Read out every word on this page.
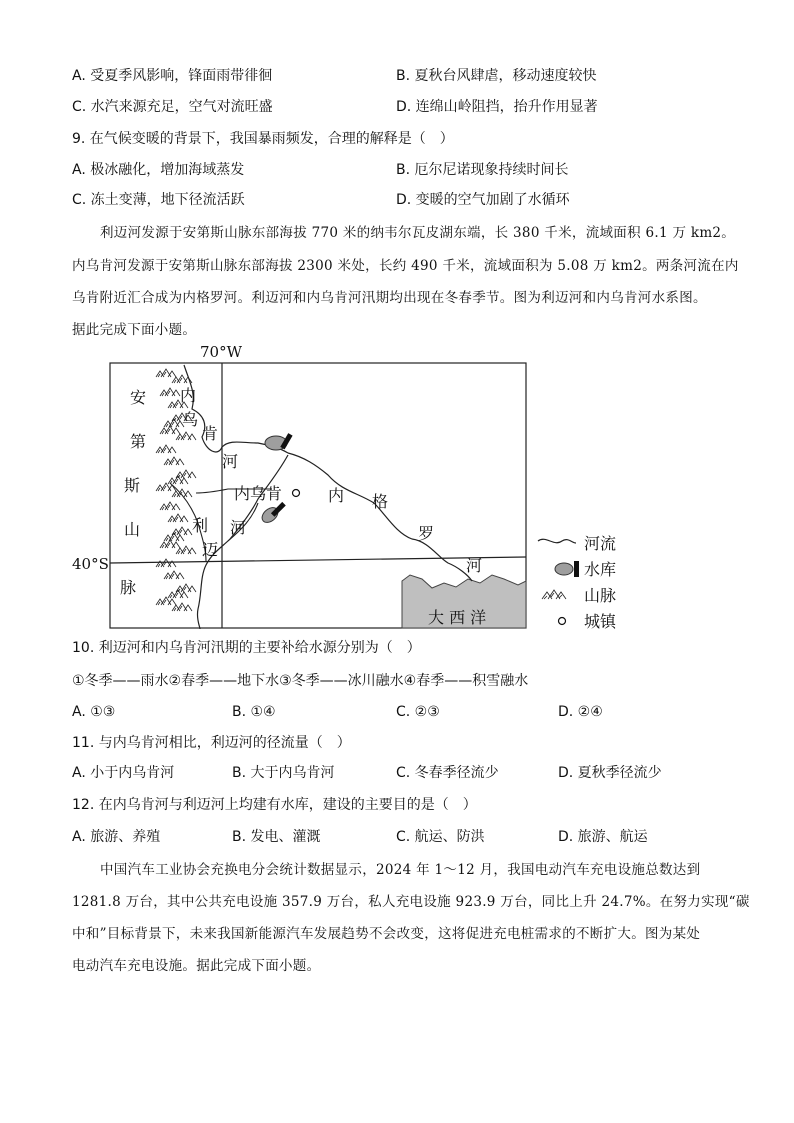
A. 受夏季风影响，锋面雨带徘徊	B. 夏秋台风肆虐，移动速度较快
C. 水汽来源充足，空气对流旺盛	D. 连绵山岭阻挡，抬升作用显著
9. 在气候变暖的背景下，我国暴雨频发，合理的解释是（　）
A. 极冰融化，增加海域蒸发	B. 厄尔尼诺现象持续时间长
C. 冻土变薄，地下径流活跃	D. 变暖的空气加剧了水循环
利迈河发源于安第斯山脉东部海拔 770 米的纳韦尔瓦皮湖东端，长 380 千米，流域面积 6.1 万 km2。
内乌肯河发源于安第斯山脉东部海拔 2300 米处，长约 490 千米，流域面积为 5.08 万 km2。两条河流在内
乌肯附近汇合成为内格罗河。利迈河和内乌肯河汛期均出现在冬春季节。图为利迈河和内乌肯河水系图。
据此完成下面小题。
70°W
40°S
安
第
斯
山
脉
内
乌
肯
河
内乌肯
利
迈
河
内 格
罗
河
大 西 洋
河流
水库
山脉
城镇
10. 利迈河和内乌肯河汛期的主要补给水源分别为（　）
①冬季——雨水②春季——地下水③冬季——冰川融水④春季——积雪融水
A. ①③	B. ①④	C. ②③	D. ②④
11. 与内乌肯河相比，利迈河的径流量（　）
A. 小于内乌肯河	B. 大于内乌肯河	C. 冬春季径流少	D. 夏秋季径流少
12. 在内乌肯河与利迈河上均建有水库，建设的主要目的是（　）
A. 旅游、养殖	B. 发电、灌溉	C. 航运、防洪	D. 旅游、航运
中国汽车工业协会充换电分会统计数据显示，2024 年 1～12 月，我国电动汽车充电设施总数达到
1281.8 万台，其中公共充电设施 357.9 万台，私人充电设施 923.9 万台，同比上升 24.7%。在努力实现“碳
中和”目标背景下，未来我国新能源汽车发展趋势不会改变，这将促进充电桩需求的不断扩大。图为某处
电动汽车充电设施。据此完成下面小题。
